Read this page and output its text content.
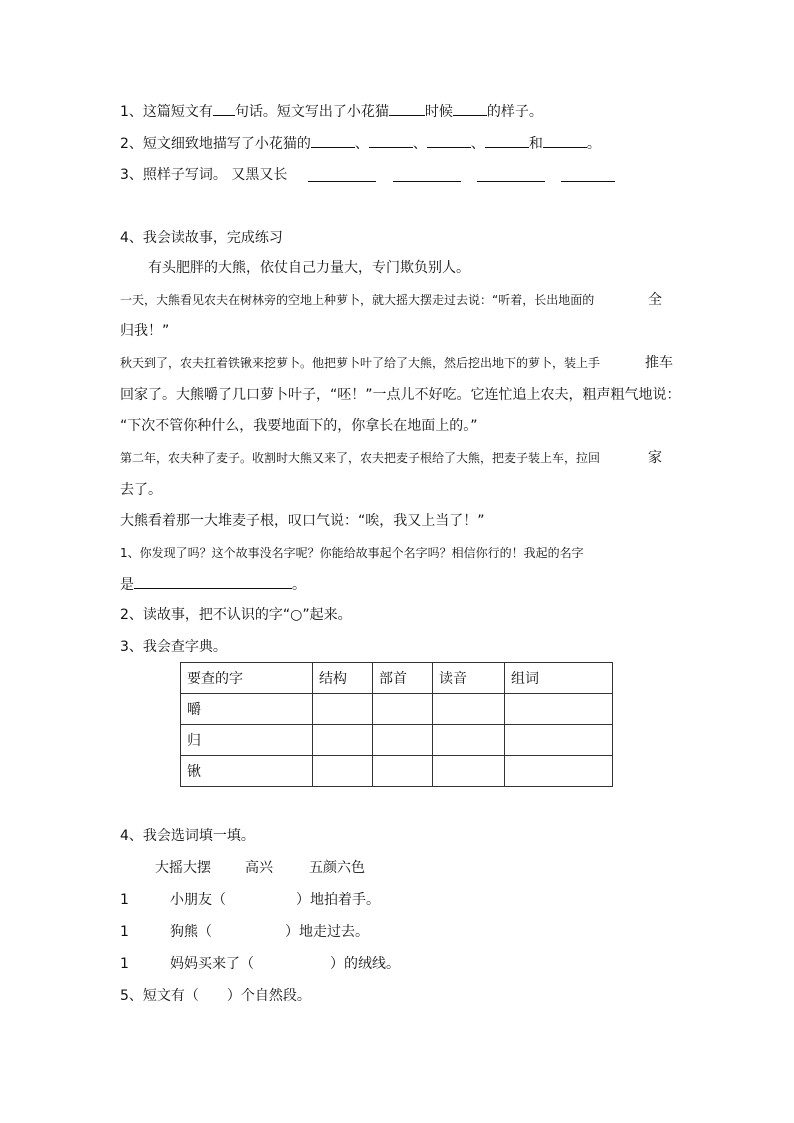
1、这篇短文有 句话。短文写出了小花猫	时候 的样子。
2、短文细致地描写了小花猫的	、	、	、	和	。
3、照样子写词。 又黑又长
4、我会读故事，完成练习
有头肥胖的大熊，依仗自己力量大，专门欺负别人。
一天，大熊看见农夫在树林旁的空地上种萝卜，就大摇大摆走过去说：“听着，长出地面的	全
归我！”
秋天到了，农夫扛着铁锹来挖萝卜。他把萝卜叶了给了大熊，然后挖出地下的萝卜，装上手	推车
回家了。大熊嚼了几口萝卜叶子，“呸！”一点儿不好吃。它连忙追上农夫，粗声粗气地说：
“下次不管你种什么，我要地面下的，你拿长在地面上的。”
第二年，农夫种了麦子。收割时大熊又来了，农夫把麦子根给了大熊，把麦子装上车，拉回	家
去了。
大熊看着那一大堆麦子根，叹口气说：“唉，我又上当了！”
1、你发现了吗？这个故事没名字呢？你能给故事起个名字吗？相信你行的！我起的名字
是	。
2、读故事，把不认识的字“○”起来。
3、我会查字典。
要查的字	结构	部首	读音	组词
嚼				
归				
锹				
4、我会选词填一填。
大摇大摆 高兴	五颜六色
1	小朋友（	）地拍着手。
1	狗熊（	）地走过去。
1	妈妈买来了（	）的绒线。
5、短文有（　　）个自然段。
